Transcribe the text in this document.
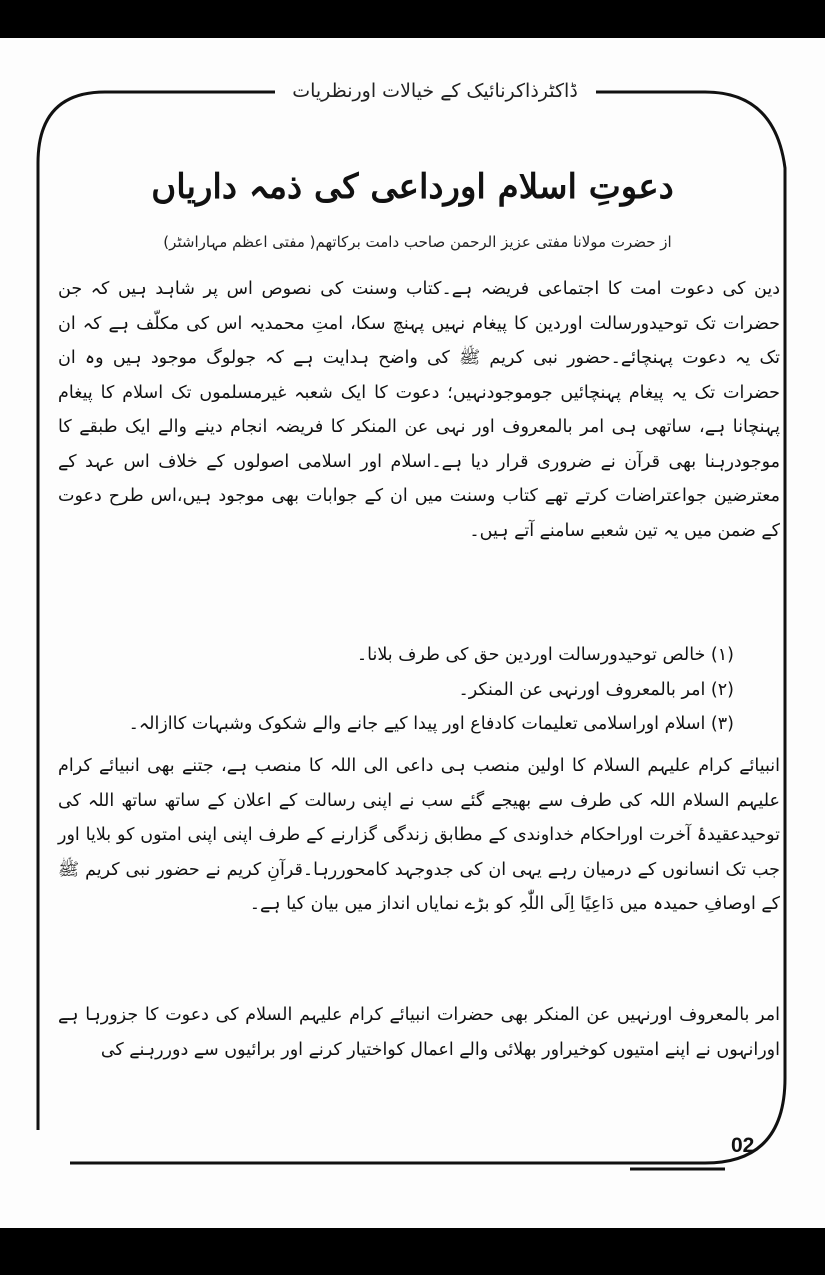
ڈاکٹرذاکرنائیک کے خیالات اورنظریات
دعوتِ اسلام اورداعی کی ذمہ داریاں
از حضرت مولانا مفتی عزیز الرحمن صاحب دامت برکاتھم( مفتی اعظم مہاراشٹر)

دین کی دعوت امت کا اجتماعی فریضہ ہے۔کتاب وسنت کی نصوص اس پر شاہد ہیں کہ جن حضرات تک توحیدورسالت اوردین کا پیغام نہیں پہنچ سکا، امتِ محمدیہ اس کی مکلّف ہے کہ ان تک یہ دعوت پہنچائے۔حضور نبی کریم ﷺ کی واضح ہدایت ہے کہ جولوگ موجود ہیں وہ ان حضرات تک یہ پیغام پہنچائیں جوموجودنہیں؛ دعوت کا ایک شعبہ غیرمسلموں تک اسلام کا پیغام پہنچانا ہے، ساتھی ہی امر بالمعروف اور نہی عن المنکر کا فریضہ انجام دینے والے ایک طبقے کا موجودرہنا بھی قرآن نے ضروری قرار دیا ہے۔اسلام اور اسلامی اصولوں کے خلاف اس عہد کے معترضین جواعتراضات کرتے تھے کتاب وسنت میں ان کے جوابات بھی موجود ہیں،اس طرح دعوت کے ضمن میں یہ تین شعبے سامنے آتے ہیں۔

(۱) خالص توحیدورسالت اوردین حق کی طرف بلانا۔

(۲) امر بالمعروف اورنہی عن المنکر۔

(۳) اسلام اوراسلامی تعلیمات کادفاع اور پیدا کیے جانے والے شکوک وشبہات کاازالہ۔

انبیائے کرام علیہم السلام کا اولین منصب ہی داعی الی اللہ کا منصب ہے، جتنے بھی انبیائے کرام علیہم السلام اللہ کی طرف سے بھیجے گئے سب نے اپنی رسالت کے اعلان کے ساتھ ساتھ اللہ کی توحیدعقیدۂ آخرت اوراحکام خداوندی کے مطابق زندگی گزارنے کے طرف اپنی اپنی امتوں کو بلایا اور جب تک انسانوں کے درمیان رہے یہی ان کی جدوجہد کامحوررہا۔قرآنِ کریم نے حضور نبی کریم ﷺ کے اوصافِ حمیدہ میں دَاعِیًا اِلَی اللّٰہِ کو بڑے نمایاں انداز میں بیان کیا ہے۔

امر بالمعروف اورنہیں عن المنکر بھی حضرات انبیائے کرام علیہم السلام کی دعوت کا جزورہا ہے اورانہوں نے اپنے امتیوں کوخیراور بھلائی والے اعمال کواختیار کرنے اور برائیوں سے دوررہنے کی

02
